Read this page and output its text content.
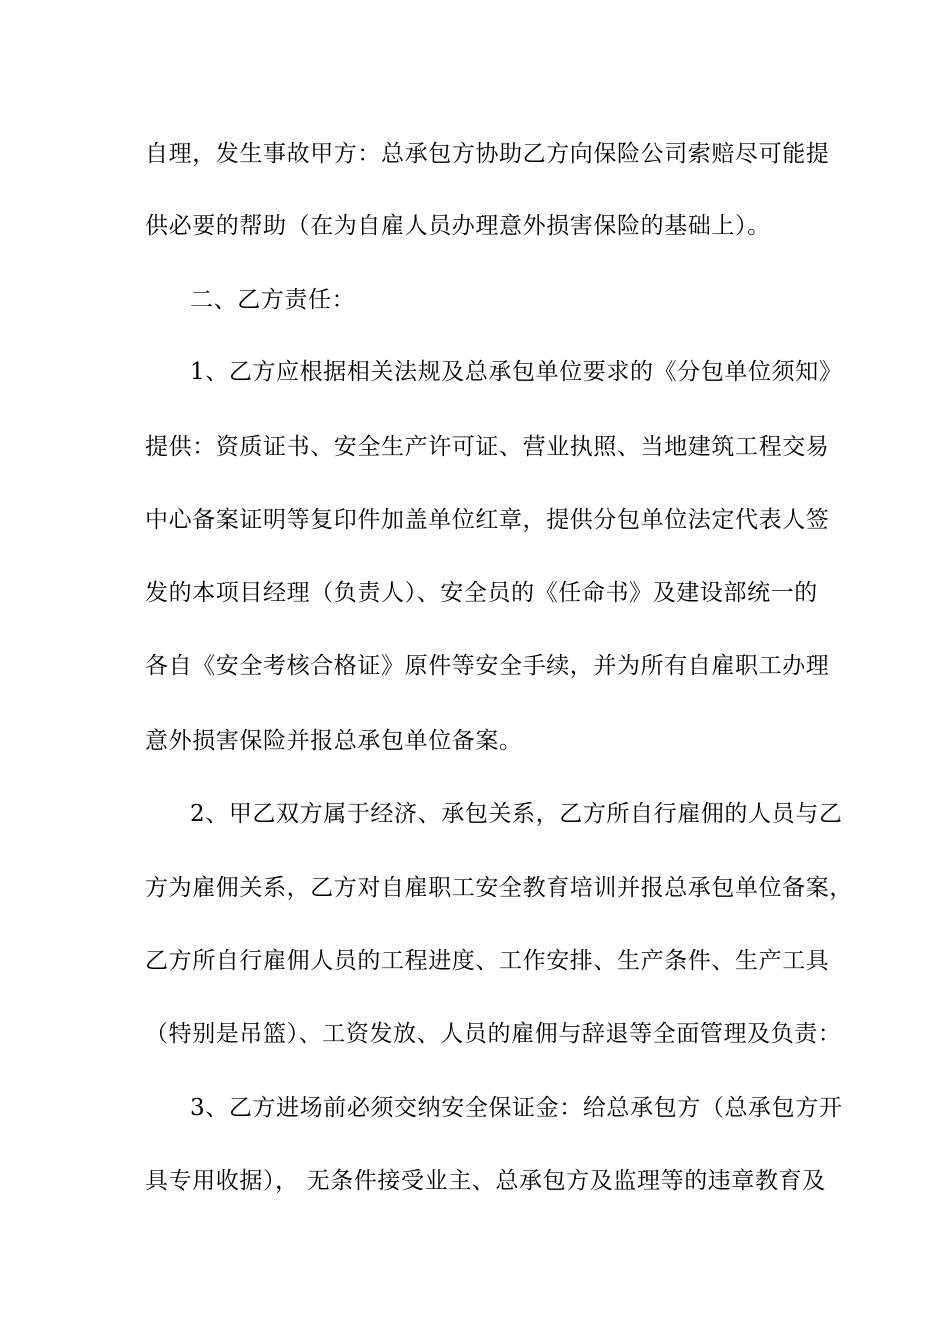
自理，发生事故甲方：总承包方协助乙方向保险公司索赔尽可能提
供必要的帮助（在为自雇人员办理意外损害保险的基础上）。
二、乙方责任：
1、乙方应根据相关法规及总承包单位要求的《分包单位须知》
提供：资质证书、安全生产许可证、营业执照、当地建筑工程交易
中心备案证明等复印件加盖单位红章，提供分包单位法定代表人签
发的本项目经理（负责人）、安全员的《任命书》及建设部统一的
各自《安全考核合格证》原件等安全手续，并为所有自雇职工办理
意外损害保险并报总承包单位备案。
2、甲乙双方属于经济、承包关系，乙方所自行雇佣的人员与乙
方为雇佣关系，乙方对自雇职工安全教育培训并报总承包单位备案，
乙方所自行雇佣人员的工程进度、工作安排、生产条件、生产工具
（特别是吊篮）、工资发放、人员的雇佣与辞退等全面管理及负责：
3、乙方进场前必须交纳安全保证金：给总承包方（总承包方开
具专用收据）， 无条件接受业主、总承包方及监理等的违章教育及
